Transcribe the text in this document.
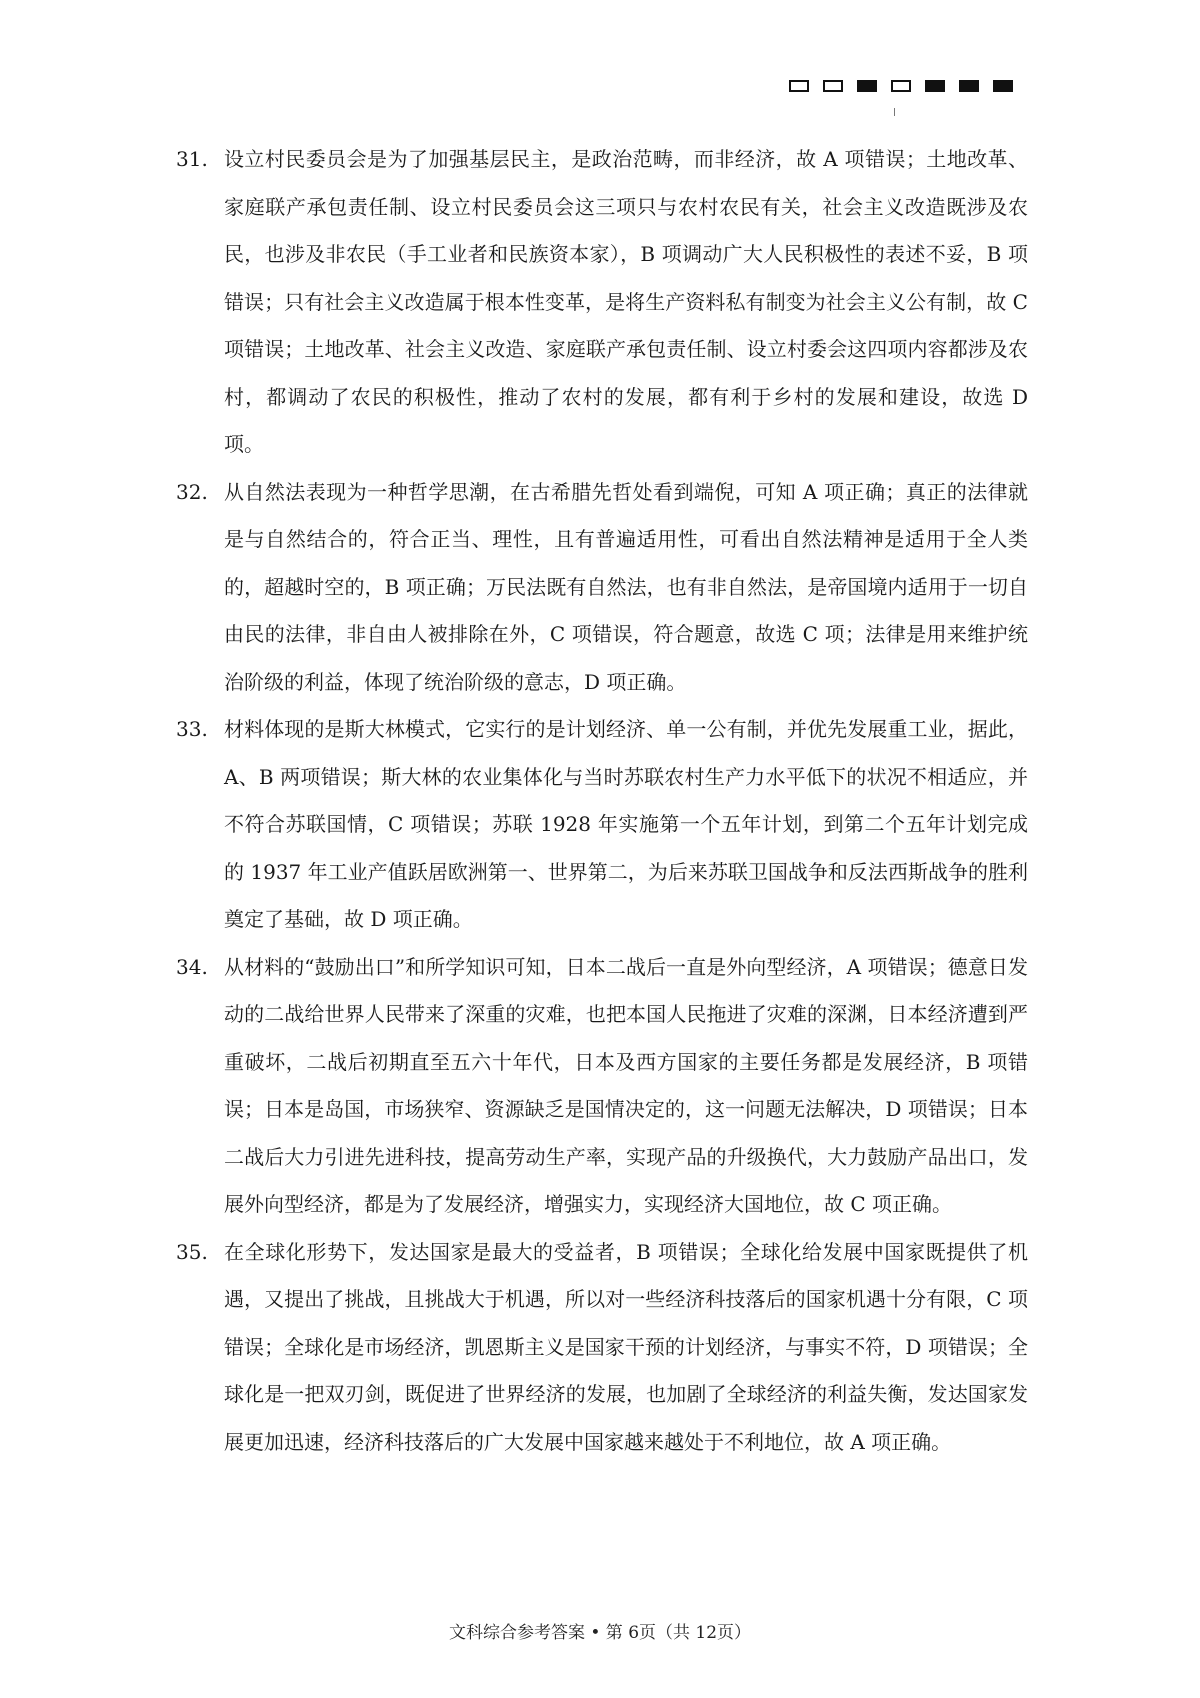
31. 设立村民委员会是为了加强基层民主，是政治范畴，而非经济，故 A 项错误；土地改革、家庭联产承包责任制、设立村民委员会这三项只与农村农民有关，社会主义改造既涉及农民，也涉及非农民（手工业者和民族资本家），B 项调动广大人民积极性的表述不妥，B 项错误；只有社会主义改造属于根本性变革，是将生产资料私有制变为社会主义公有制，故 C 项错误；土地改革、社会主义改造、家庭联产承包责任制、设立村委会这四项内容都涉及农村，都调动了农民的积极性，推动了农村的发展，都有利于乡村的发展和建设，故选 D 项。
32. 从自然法表现为一种哲学思潮，在古希腊先哲处看到端倪，可知 A 项正确；真正的法律就是与自然结合的，符合正当、理性，且有普遍适用性，可看出自然法精神是适用于全人类的，超越时空的，B 项正确；万民法既有自然法，也有非自然法，是帝国境内适用于一切自由民的法律，非自由人被排除在外，C 项错误，符合题意，故选 C 项；法律是用来维护统治阶级的利益，体现了统治阶级的意志，D 项正确。
33. 材料体现的是斯大林模式，它实行的是计划经济、单一公有制，并优先发展重工业，据此，A、B 两项错误；斯大林的农业集体化与当时苏联农村生产力水平低下的状况不相适应，并不符合苏联国情，C 项错误；苏联 1928 年实施第一个五年计划，到第二个五年计划完成的 1937 年工业产值跃居欧洲第一、世界第二，为后来苏联卫国战争和反法西斯战争的胜利奠定了基础，故 D 项正确。
34. 从材料的“鼓励出口”和所学知识可知，日本二战后一直是外向型经济，A 项错误；德意日发动的二战给世界人民带来了深重的灾难，也把本国人民拖进了灾难的深渊，日本经济遭到严重破坏，二战后初期直至五六十年代，日本及西方国家的主要任务都是发展经济，B 项错误；日本是岛国，市场狭窄、资源缺乏是国情决定的，这一问题无法解决，D 项错误；日本二战后大力引进先进科技，提高劳动生产率，实现产品的升级换代，大力鼓励产品出口，发展外向型经济，都是为了发展经济，增强实力，实现经济大国地位，故 C 项正确。
35. 在全球化形势下，发达国家是最大的受益者，B 项错误；全球化给发展中国家既提供了机遇，又提出了挑战，且挑战大于机遇，所以对一些经济科技落后的国家机遇十分有限，C 项错误；全球化是市场经济，凯恩斯主义是国家干预的计划经济，与事实不符，D 项错误；全球化是一把双刃剑，既促进了世界经济的发展，也加剧了全球经济的利益失衡，发达国家发展更加迅速，经济科技落后的广大发展中国家越来越处于不利地位，故 A 项正确。
文科综合参考答案 • 第 6页（共 12页）
